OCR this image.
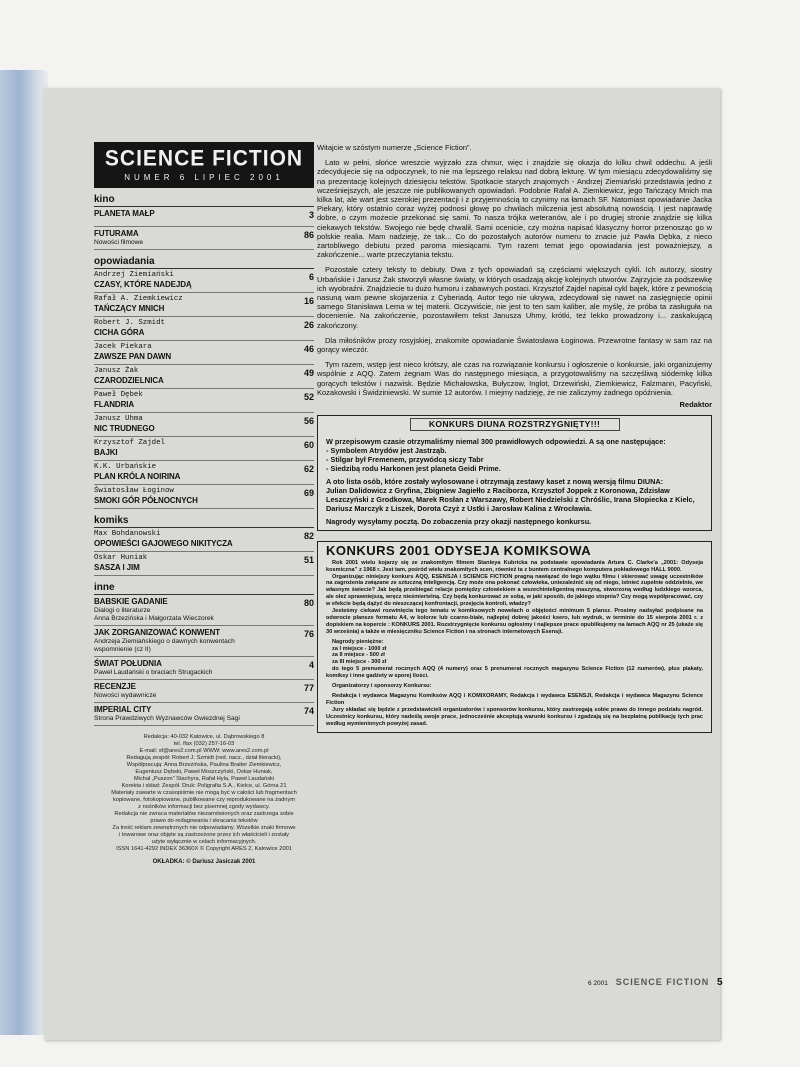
SCIENCE FICTION
NUMER 6 LIPIEC 2001
kino
PLANETA MAŁP	3
FUTURAMA
Nowości filmowe
86
opowiadania
Andrzej Ziemiański
CZASY, KTÓRE NADEJDĄ
6
Rafał A. Ziemkiewicz
TAŃCZĄCY MNICH
16
Robert J. Szmidt
CICHA GÓRA
26
Jacek Piekara
ZAWSZE PAN DAWN
46
Janusz Żak
CZARODZIELNICA
49
Paweł Dębek
FLANDRIA
52
Janusz Uhma
NIC TRUDNEGO
56
Krzysztof Zajdel
BAJKI
60
K.K. Urbańskie
PLAN KRÓLA NOIRINA
62
Światosław Łoginow
SMOKI GÓR PÓŁNOCNYCH
69
komiks
Max Bohdanowski
OPOWIEŚCI GAJOWEGO NIKITYCZA
82
Oskar Huniak
SASZA I JIM
51
inne
BABSKIE GADANIE
Dialogi o literaturze
Anna Brzezińska i Małgorzata Wieczorek
80
JAK ZORGANIZOWAĆ KONWENT
Andrzeja Ziemiańskiego o dawnych konwentach
wspomnienie (cz II)
76
ŚWIAT POŁUDNIA
Paweł Laudański o braciach Strugackich
4
RECENZJE
Nowości wydawnicze
77
IMPERIAL CITY
Strona Prawdziwych Wyznawców Gwiezdnej Sagi
74
Redakcja: 40-032 Katowice, ul. Dąbrowskiego 8
tel. /fax (032) 257-16-03
E-mail: sf@ares2.com.pl WWW: www.ares2.com.pl
Redagują zespół: Robert J. Szmidt (red. nacz., dział literacki),
Współpracują: Anna Brzezińska, Paulina Braiter Ziemkiewicz,
Eugeniusz Dębski, Paweł Moszczyński, Oskar Huniak,
Michał „Puszon” Stachyra, Rafał Hyla, Paweł Laudański
Korekta i skład: Zespół. Druk: Poligrafia S.A., Kielce, ul. Górna 21
Materiały zawarte w czasopiśmie nie mogą być w całości lub fragmentach
kopiowane, fotokopiowane, publikowane czy reprodukowane na żadnym
z nośników informacji bez pisemnej zgody wydawcy.
Redakcja nie zwraca materiałów niezamówionych oraz zastrzega sobie
prawo do redagowania i skracania tekstów
Za treść reklam zewnętrznych nie odpowiadamy. Wszelkie znaki firmowe
i towarowe oraz objęte są zastrzeżone przez ich właścicieli i zostały
użyte wyłącznie w celach informacyjnych.
ISSN 1641-4292 INDEX 36360X © Copyright ARES 2, Katowice 2001
OKŁADKA: © Dariusz Jasiczak 2001

Witajcie w szóstym numerze „Science Fiction”.

Lato w pełni, słońce wreszcie wyjrzało zza chmur, więc i znajdzie się okazja do kilku chwil oddechu. A jeśli zdecydujecie się na odpoczynek, to nie ma lepszego relaksu nad dobrą lekturę. W tym miesiącu zdecydowaliśmy się na prezentację kolejnych dziesięciu tekstów. Spotkacie starych znajomych - Andrzej Ziemiański przedstawia jedno z wcześniejszych, ale jeszcze nie publikowanych opowiadań. Podobnie Rafał A. Ziemkiewicz, jego Tańczący Mnich ma kilka lat, ale wart jest szerokiej prezentacji i z przyjemnością to czynimy na łamach SF. Natomiast opowiadanie Jacka Piekary, który ostatnio coraz wyżej podnosi głowę po chwilach milczenia jest absolutną nowością. I jest naprawdę dobre, o czym możecie przekonać się sami. To nasza trójka weteranów, ale i po drugiej stronie znajdzie się kilka ciekawych tekstów. Swojego nie będę chwalił. Sami ocenicie, czy można napisać klasyczny horror przenosząc go w polskie realia. Mam nadzieję, że tak... Co do pozostałych autorów numeru to znacie już Pawła Dębka, z nieco żartobliwego debiutu przed paroma miesiącami. Tym razem temat jego opowiadania jest poważniejszy, a zakończenie... warte przeczytania tekstu.

Pozostałe cztery teksty to debiuty. Dwa z tych opowiadań są częściami większych cykli. Ich autorzy, siostry Urbańskie i Janusz Żak stworzyli własne światy, w których osadzają akcję kolejnych utworów. Zajrzyjcie za podszewkę ich wyobraźni. Znajdziecie tu dużo humoru i zabawnych postaci. Krzysztof Zajdel napisał cykl bajek, które z pewnością nasuną wam pewne skojarzenia z Cyberiadą. Autor tego nie ukrywa, zdecydował się nawet na zasięgnięcie opinii samego Stanisława Lema w tej materii. Oczywiście, nie jest to ten sam kaliber, ale myślę, że próba ta zasługuła na docenienie. Na zakończenie, pozostawiłem tekst Janusza Uhmy, krótki, też lekko prowadzony i... zaskakującą zakończony.

Dla miłośników prozy rosyjskiej, znakomite opowiadanie Światosława Łoginowa. Przewrotne fantasy w sam raz na gorący wieczór.

Tym razem, wstęp jest nieco krótszy, ale czas na rozwiązanie konkursu i ogłoszenie o konkursie, jaki organizujemy wspólnie z AQQ. Zatem żegnam Was do następnego miesiąca, a przygotowaliśmy na szczęśliwą siódemkę kilka gorących tekstów i nazwisk. Będzie Michałowska, Bułyczow, Inglot, Drzewiński, Ziemkiewicz, Falzmann, Pacyński, Kozakowski i Świdziniewski. W sumie 12 autorów. I miejmy nadzieję, że nie zaliczymy żadnego opóźnienia.

Redaktor
KONKURS DIUNA ROZSTRZYGNIĘTY!!!

W przepisowym czasie otrzymaliśmy niemal 300 prawidłowych odpowiedzi. A są one następujące:

- Symbolem Atrydów jest Jastrząb.

- Stilgar był Fremenem, przywódcą siczy Tabr

- Siedzibą rodu Harkonen jest planeta Geidi Prime.

A oto lista osób, które zostały wylosowane i otrzymają zestawy kaset z nową wersją filmu DIUNA:

Julian Dalidowicz z Gryfina, Zbigniew Jagiełło z Raciborza, Krzysztof Joppek z Koronowa, Zdzisław Leszczyński z Grodkowa, Marek Rosłan z Warszawy, Robert Niedzielski z Chróślic, Irana Słopiecka z Kielc, Dariusz Marczyk z Liszek, Dorota Czyż z Ustki i Jarosław Kalina z Wrocławia.

Nagrody wysyłamy pocztą. Do zobaczenia przy okazji następnego konkursu.

KONKURS 2001 ODYSEJA KOMIKSOWA

Rok 2001 wielu kojarzy się ze znakomitym filmem Stanleya Kubricka na podstawie opowiadania Artura C. Clarke'a „2001: Odyseja kosmiczna” z 1968 r. Jest tam, pośród wielu znakomitych scen, również ta z buntem centralnego komputera pokładowego HALL 9000.

Organizując niniejszy konkurs AQQ, ESENSJA i SCIENCE FICTION pragną nawiązać do tego wątku filmu i skierować uwagę uczestników na zagrożenia związane ze sztuczną inteligencją. Czy może ona pokonać człowieka, uniezależnić się od niego, istnieć zupełnie oddzielnie, we własnym świecie? Jak będą przebiegać relacje pomiędzy człowiekiem a wszechinteligentną maszyną, stworzoną według ludzkiego wzorca, ale oleż sprawniejszą, wręcz nieśmiertelną. Czy będą konkurować ze sobą, w jaki sposób, do jakiego stopnia? Czy mogą współpracować, czy w efekcie będą dążyć do nieszczącej konfrontacji, przejęcia kontroli, władzy?

Jesteśmy ciekawi rozwinięcia tego tematu w komiksowych nowelach o objętości minimum 5 plansz. Prosimy nadsyłać podpisane na odwrocie plansze formatu A4, w kolorze lub czarno-białe, najlepiej dobrej jakości ksero, lub wydruk, w terminie do 15 sierpnia 2001 r. z dopiskiem na kopercie : KONKURS 2001. Rozstrzygnięcie konkursu ogłosimy i najlepsze prace opublikujemy na łamach AQQ nr 25 (ukaże się 30 września) a także w miesięczniku Science Fiction i na stronach internetowych Esensji.

Nagrody pieniężne:

za I miejsce - 1000 zł

za II miejsce - 500 zł

za III miejsce - 300 zł

do tego 5 prenumerat rocznych AQQ (4 numery) oraz 5 prenumerat rocznych magazynu Science Fiction (12 numerów), plus plakaty, komiksy i inne gadżety w sporej ilości.

Organizatorzy i sponsorzy Konkursu:

Redakcja i wydawca Magazynu Komiksów AQQ i KOMIXORAMY, Redakcja i wydawca ESENSJI, Redakcja i wydawca Magazynu Science Fiction

Jury składać się będzie z przedstawicieli organizatorów i sponsorów konkursu, który zastrzegają sobie prawo do innego podziału nagród. Uczestnicy konkursu, który nadeślą swoje prace, jednocześnie akceptują warunki konkursu i zgadzają się na bezpłatną publikację tych prac według wymienionych powyżej zasad.

6 2001 SCIENCE FICTION 5
